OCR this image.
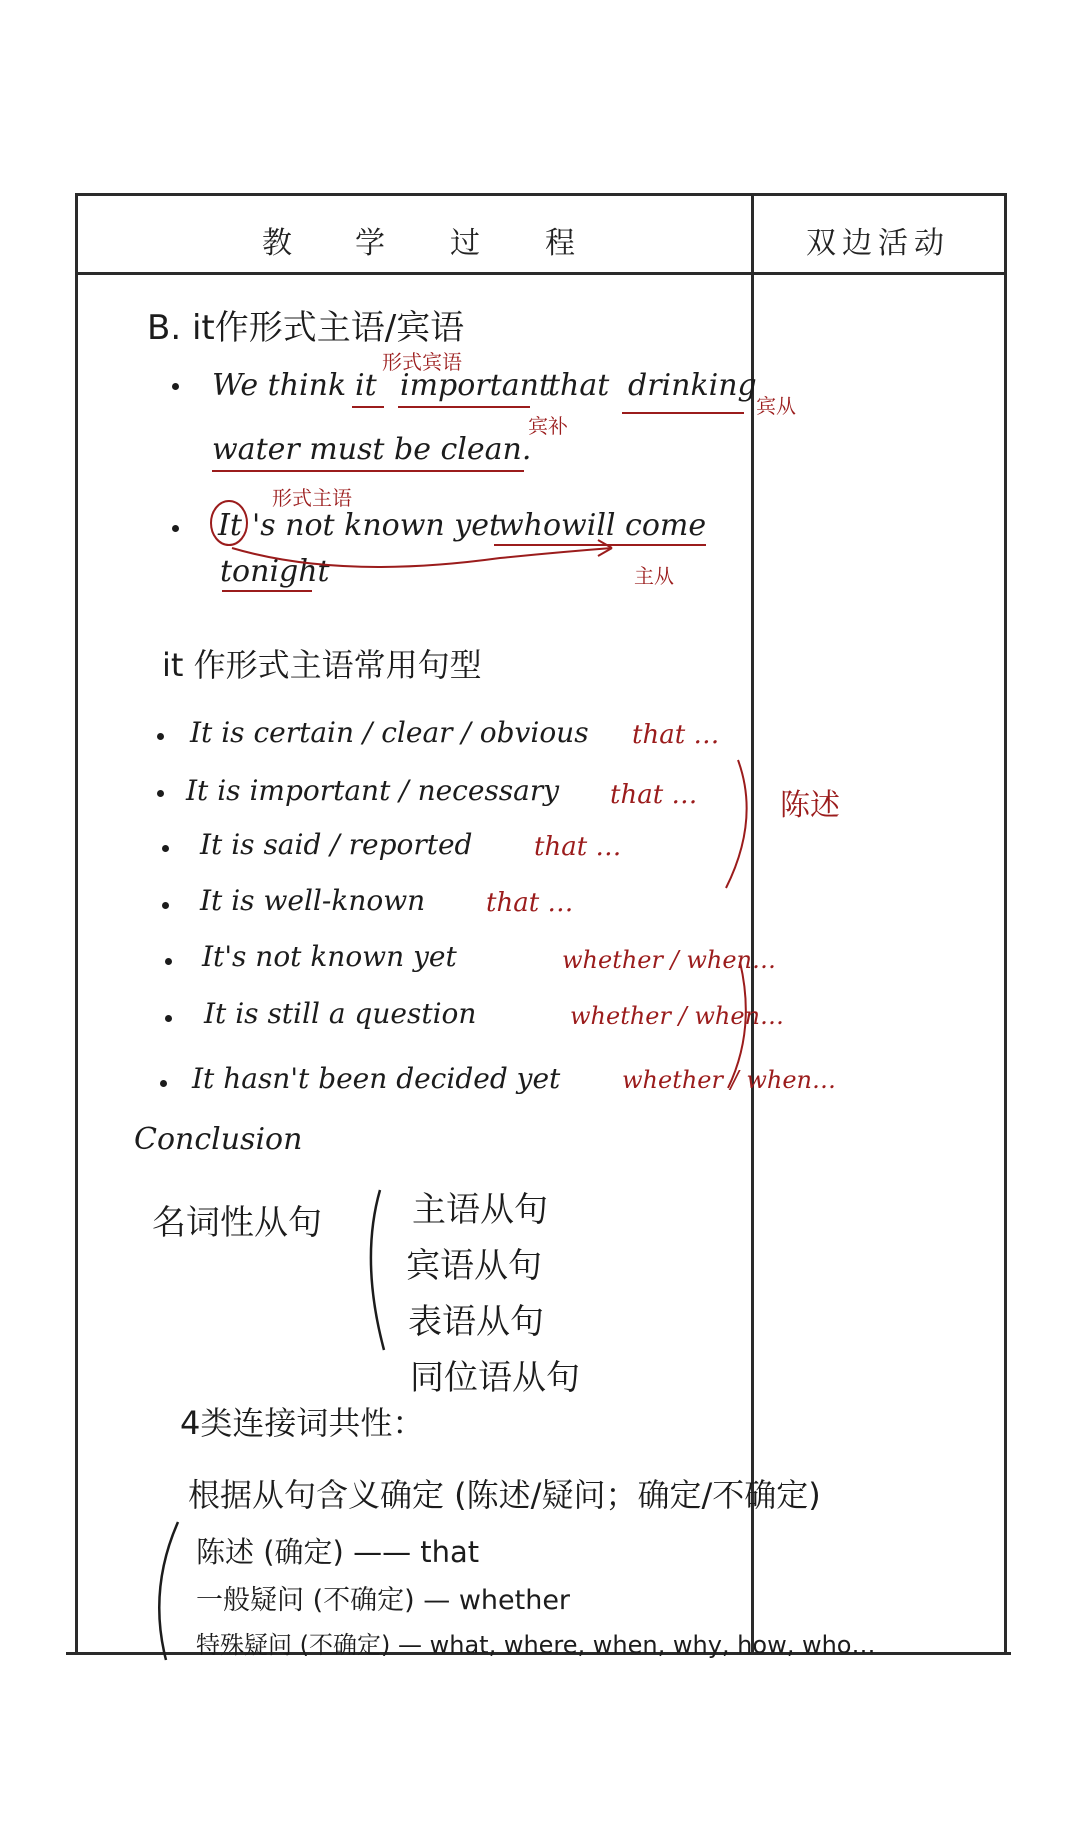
教 学 过 程	双边活动
B. it作形式主语/宾语
形式宾语
We think it important
that drinking
宾从
宾补
water must be clean.
形式主语
It 's not known yet
whowill come
tonight	主从
it 作形式主语常用句型
It is certain / clear / obvious that …
It is important / necessary that …
It is said / reported that …
It is well-known that …
It's not known yet	whether / when…
It is still a question	whether / when…
It hasn't been decided yet	whether / when…
陈述
Conclusion
名词性从句	主语从句
宾语从句
表语从句
同位语从句
4类连接词共性：
根据从句含义确定 (陈述/疑问；确定/不确定)
陈述 (确定) —— that
一般疑问 (不确定) — whether
特殊疑问 (不确定) — what, where, when, why, how, who…
